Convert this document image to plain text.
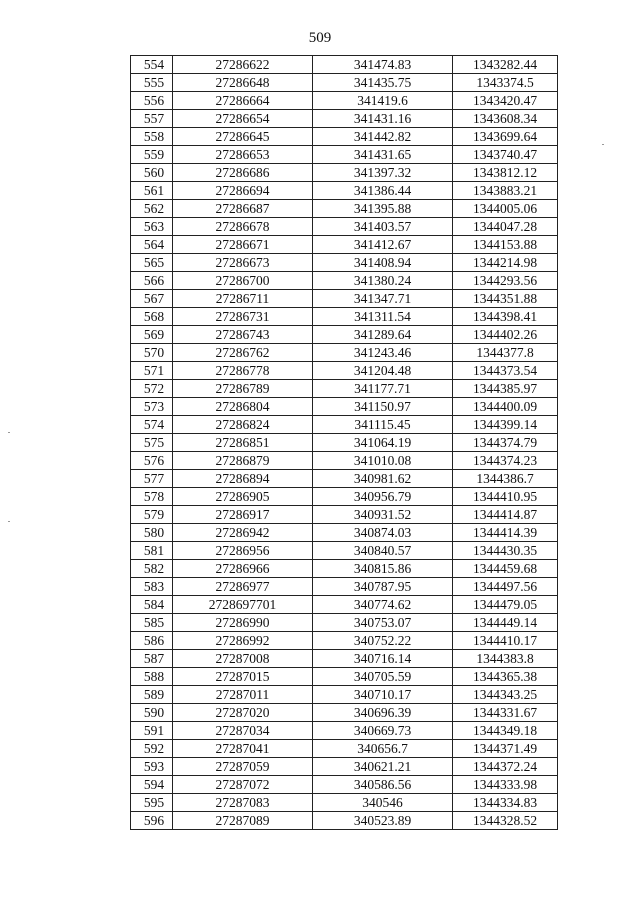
509
554	27286622	341474.83	1343282.44
555	27286648	341435.75	1343374.5
556	27286664	341419.6	1343420.47
557	27286654	341431.16	1343608.34
558	27286645	341442.82	1343699.64
559	27286653	341431.65	1343740.47
560	27286686	341397.32	1343812.12
561	27286694	341386.44	1343883.21
562	27286687	341395.88	1344005.06
563	27286678	341403.57	1344047.28
564	27286671	341412.67	1344153.88
565	27286673	341408.94	1344214.98
566	27286700	341380.24	1344293.56
567	27286711	341347.71	1344351.88
568	27286731	341311.54	1344398.41
569	27286743	341289.64	1344402.26
570	27286762	341243.46	1344377.8
571	27286778	341204.48	1344373.54
572	27286789	341177.71	1344385.97
573	27286804	341150.97	1344400.09
574	27286824	341115.45	1344399.14
575	27286851	341064.19	1344374.79
576	27286879	341010.08	1344374.23
577	27286894	340981.62	1344386.7
578	27286905	340956.79	1344410.95
579	27286917	340931.52	1344414.87
580	27286942	340874.03	1344414.39
581	27286956	340840.57	1344430.35
582	27286966	340815.86	1344459.68
583	27286977	340787.95	1344497.56
584	2728697701	340774.62	1344479.05
585	27286990	340753.07	1344449.14
586	27286992	340752.22	1344410.17
587	27287008	340716.14	1344383.8
588	27287015	340705.59	1344365.38
589	27287011	340710.17	1344343.25
590	27287020	340696.39	1344331.67
591	27287034	340669.73	1344349.18
592	27287041	340656.7	1344371.49
593	27287059	340621.21	1344372.24
594	27287072	340586.56	1344333.98
595	27287083	340546	1344334.83
596	27287089	340523.89	1344328.52
